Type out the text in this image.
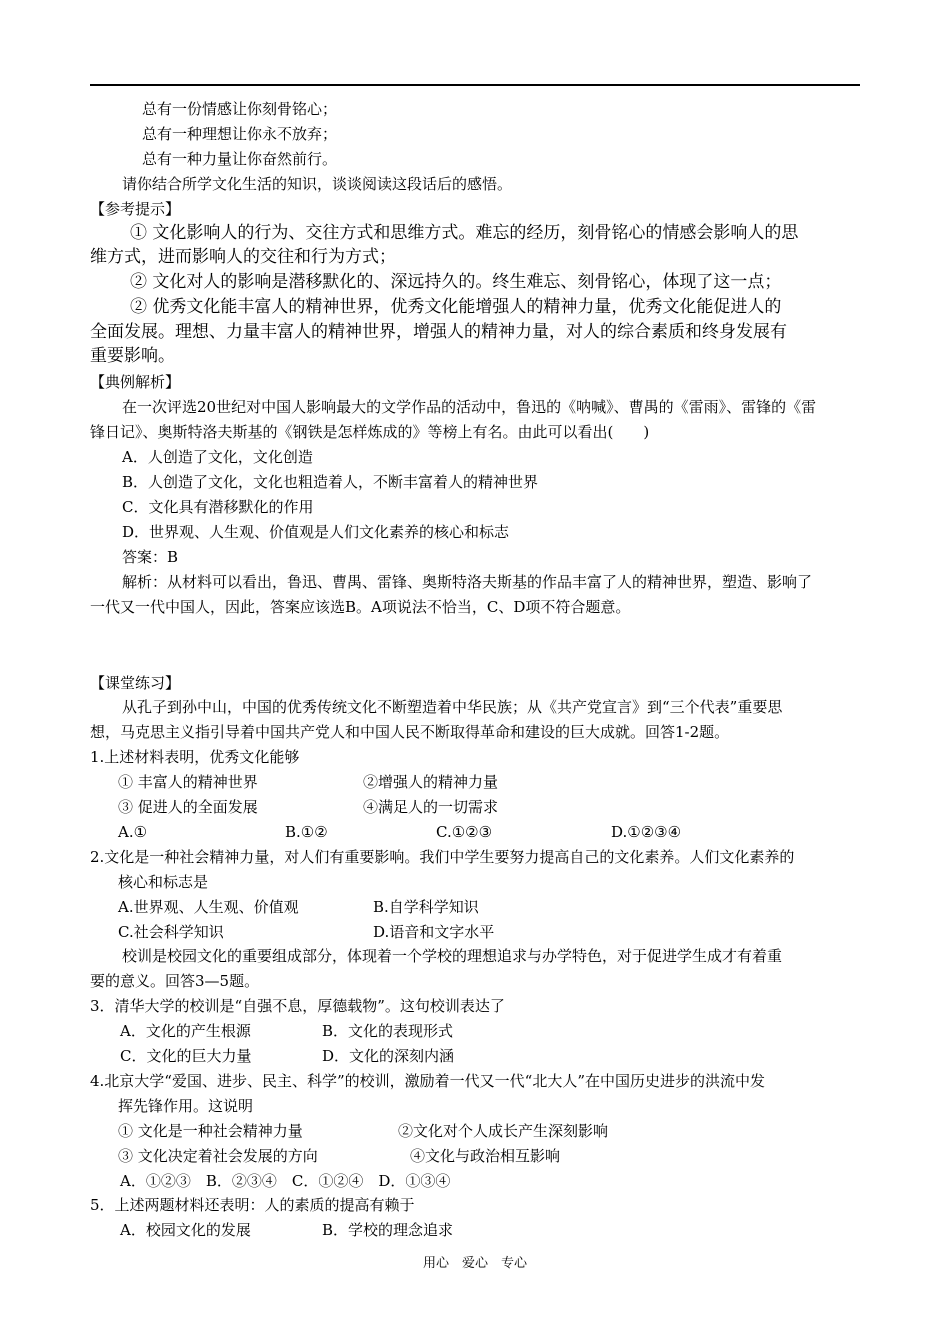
总有一份情感让你刻骨铭心；
总有一种理想让你永不放弃；
总有一种力量让你奋然前行。
请你结合所学文化生活的知识，谈谈阅读这段话后的感悟。
【参考提示】
① 文化影响人的行为、交往方式和思维方式。难忘的经历，刻骨铭心的情感会影响人的思
维方式，进而影响人的交往和行为方式；
② 文化对人的影响是潜移默化的、深远持久的。终生难忘、刻骨铭心，体现了这一点；
② 优秀文化能丰富人的精神世界，优秀文化能增强人的精神力量，优秀文化能促进人的
全面发展。理想、力量丰富人的精神世界，增强人的精神力量，对人的综合素质和终身发展有
重要影响。
【典例解析】
在一次评选20世纪对中国人影响最大的文学作品的活动中，鲁迅的《呐喊》、曹禺的《雷雨》、雷锋的《雷
锋日记》、奥斯特洛夫斯基的《钢铁是怎样炼成的》等榜上有名。由此可以看出(　　)
A．人创造了文化，文化创造
B．人创造了文化，文化也粗造着人，不断丰富着人的精神世界
C．文化具有潜移默化的作用
D．世界观、人生观、价值观是人们文化素养的核心和标志
答案：B
解析：从材料可以看出，鲁迅、曹禺、雷锋、奥斯特洛夫斯基的作品丰富了人的精神世界，塑造、影响了
一代又一代中国人，因此，答案应该选B。A项说法不恰当，C、D项不符合题意。
【课堂练习】
从孔子到孙中山，中国的优秀传统文化不断塑造着中华民族；从《共产党宣言》到“三个代表”重要思
想，马克思主义指引导着中国共产党人和中国人民不断取得革命和建设的巨大成就。回答1-2题。
1.上述材料表明，优秀文化能够
① 丰富人的精神世界	②增强人的精神力量
③ 促进人的全面发展	④满足人的一切需求
A.①	B.①②	C.①②③	D.①②③④
2.文化是一种社会精神力量，对人们有重要影响。我们中学生要努力提高自己的文化素养。人们文化素养的
核心和标志是
A.世界观、人生观、价值观	B.自学科学知识
C.社会科学知识	D.语音和文字水平
校训是校园文化的重要组成部分，体现着一个学校的理想追求与办学特色，对于促进学生成才有着重
要的意义。回答3—5题。
3．清华大学的校训是“自强不息，厚德载物”。这句校训表达了
A．文化的产生根源	B．文化的表现形式
C．文化的巨大力量	D．文化的深刻内涵
4.北京大学“爱国、进步、民主、科学”的校训，激励着一代又一代“北大人”在中国历史进步的洪流中发
挥先锋作用。这说明
① 文化是一种社会精神力量	②文化对个人成长产生深刻影响
③ 文化决定着社会发展的方向	④文化与政治相互影响
A．①②③　B．②③④　C．①②④　D．①③④
5．上述两题材料还表明：人的素质的提高有赖于
A．校园文化的发展	B．学校的理念追求
用心　爱心　专心
